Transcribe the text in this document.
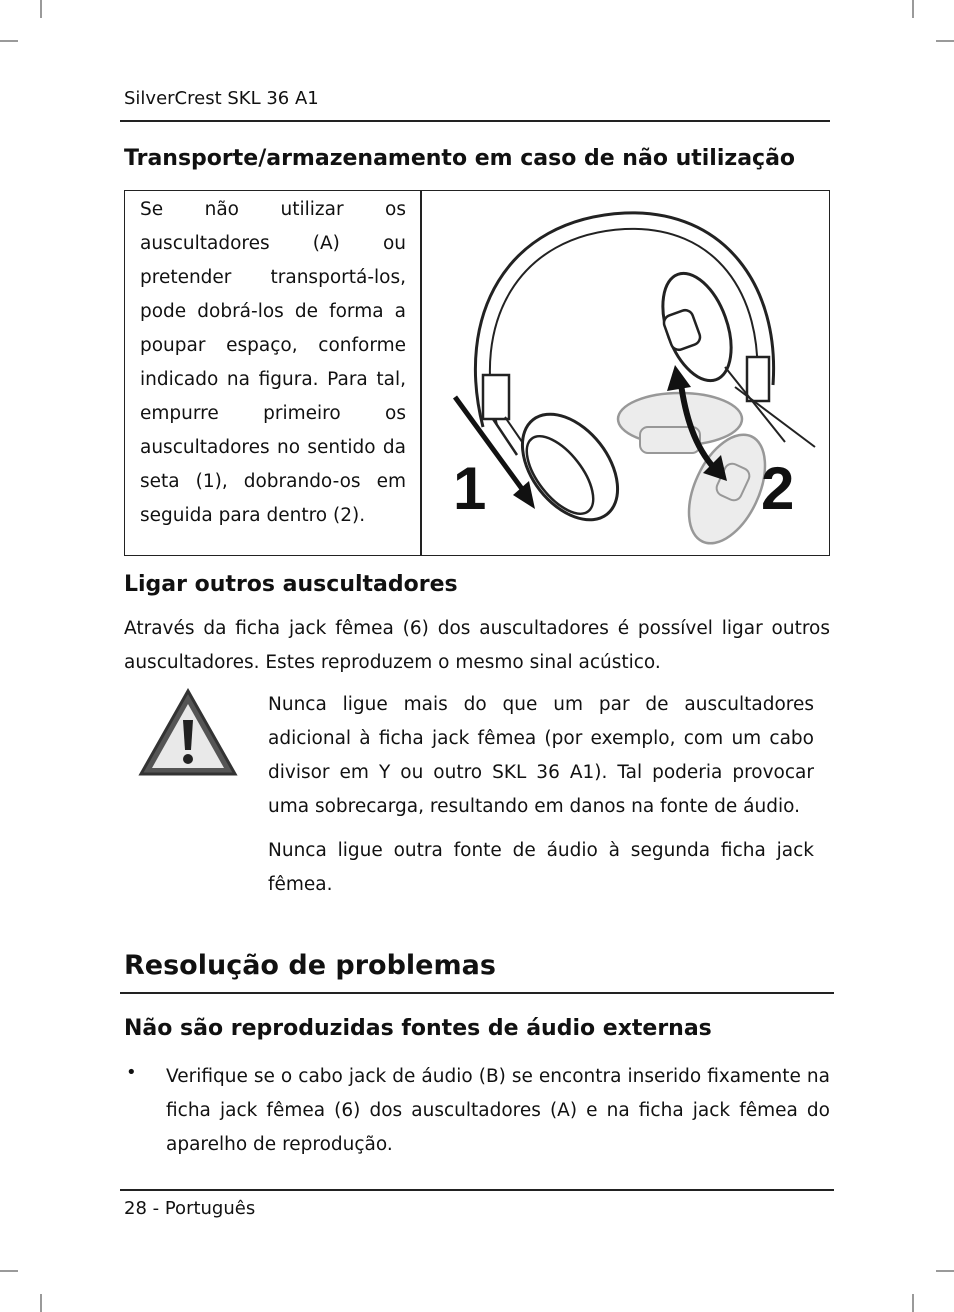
SilverCrest SKL 36 A1
Transporte/armazenamento em caso de não utilização
Se não utilizar os auscultadores (A) ou pretender transportá-los, pode dobrá-los de forma a poupar espaço, conforme indicado na figura. Para tal, empurre primeiro os auscultadores no sentido da seta (1), dobrando-os em seguida para dentro (2).	1	2
Ligar outros auscultadores

Através da ficha jack fêmea (6) dos auscultadores é possível ligar outros auscultadores. Estes reproduzem o mesmo sinal acústico.

Nunca ligue mais do que um par de auscultadores adicional à ficha jack fêmea (por exemplo, com um cabo divisor em Y ou outro SKL 36 A1). Tal poderia provocar uma sobrecarga, resultando em danos na fonte de áudio.

Nunca ligue outra fonte de áudio à segunda ficha jack fêmea.

Resolução de problemas
Não são reproduzidas fontes de áudio externas
• Verifique se o cabo jack de áudio (B) se encontra inserido fixamente na ficha jack fêmea (6) dos auscultadores (A) e na ficha jack fêmea do aparelho de reprodução.

28 - Português
